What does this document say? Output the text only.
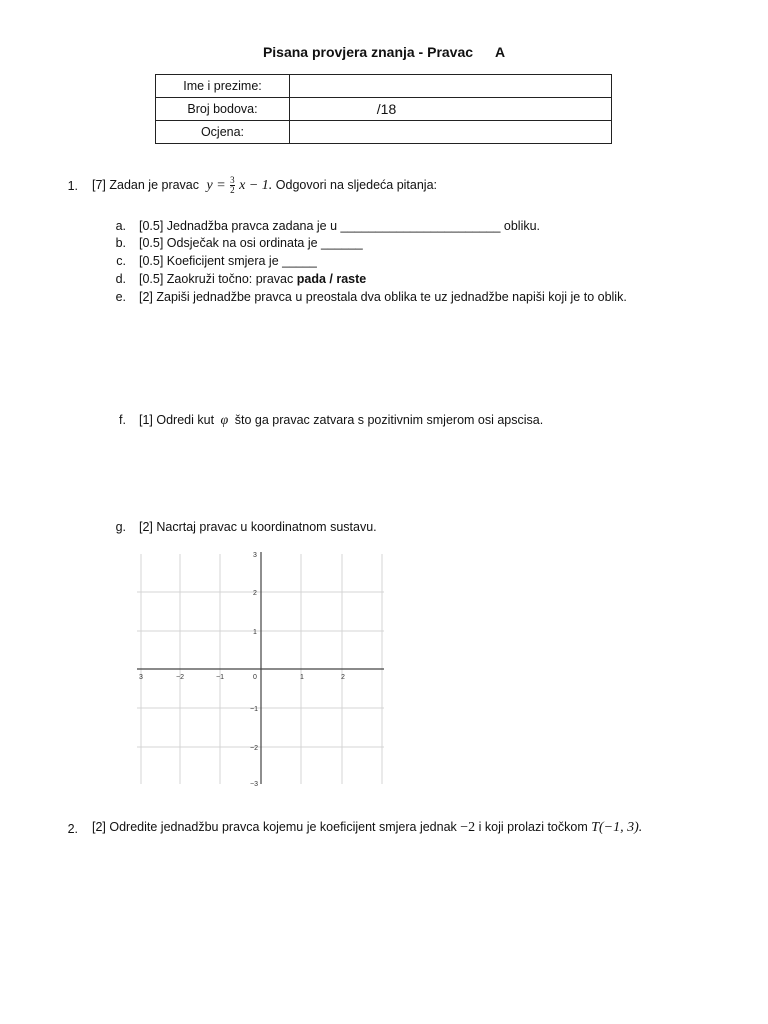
Pisana provjera znanja - Pravac A
Ime i prezime:	
Broj bodova:	/18
Ocjena:	
1. [7] Zadan je pravac $y = \frac{3}{2}$ x − 1. Odgovori na sljedeća pitanja:
a. [0.5] Jednadžba pravca zadana je u _______________________ obliku.
b. [0.5] Odsječak na osi ordinata je ______
c. [0.5] Koeficijent smjera je _____
d. [0.5] Zaokruži točno: pravac pada / raste
e. [2] Zapiši jednadžbe pravca u preostala dva oblika te uz jednadžbe napiši koji je to oblik.
f. [1] Odredi kut φ što ga pravac zatvara s pozitivnim smjerom osi apscisa.
g. [2] Nacrtaj pravac u koordinatnom sustavu.
3	−2	−1	0	1	2
3
2
1
−1
−2
−3
2. [2] Odredite jednadžbu pravca kojemu je koeficijent smjera jednak −2 i koji prolazi točkom T(−1, 3).
